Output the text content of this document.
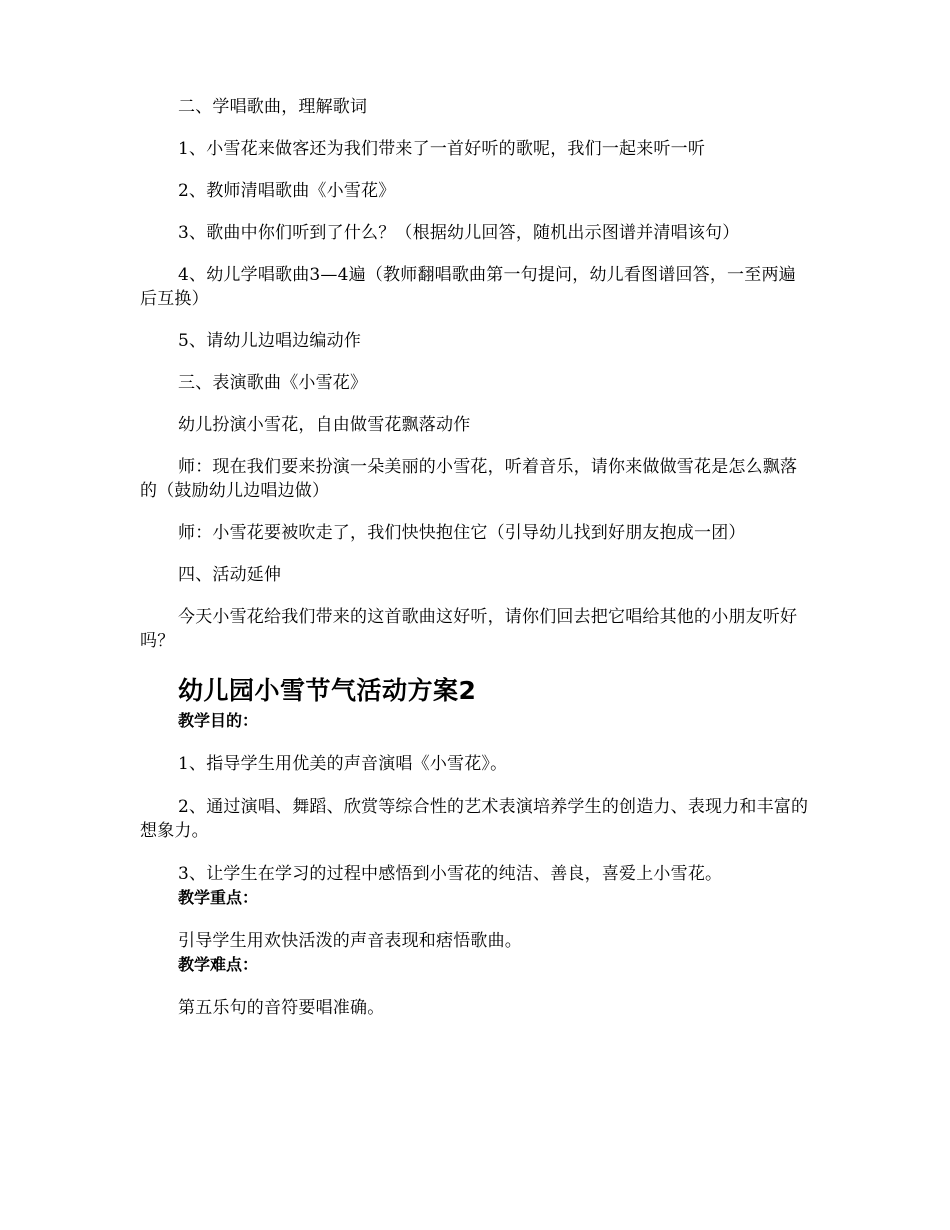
二、学唱歌曲，理解歌词

1、小雪花来做客还为我们带来了一首好听的歌呢，我们一起来听一听

2、教师清唱歌曲《小雪花》

3、歌曲中你们听到了什么？（根据幼儿回答，随机出示图谱并清唱该句）

4、幼儿学唱歌曲3—4遍（教师翻唱歌曲第一句提问，幼儿看图谱回答，一至两遍后互换）

5、请幼儿边唱边编动作

三、表演歌曲《小雪花》

幼儿扮演小雪花，自由做雪花飘落动作

师：现在我们要来扮演一朵美丽的小雪花，听着音乐，请你来做做雪花是怎么飘落的（鼓励幼儿边唱边做）

师：小雪花要被吹走了，我们快快抱住它（引导幼儿找到好朋友抱成一团）

四、活动延伸

今天小雪花给我们带来的这首歌曲这好听，请你们回去把它唱给其他的小朋友听好吗？

幼儿园小雪节气活动方案2

教学目的：

1、指导学生用优美的声音演唱《小雪花》。

2、通过演唱、舞蹈、欣赏等综合性的艺术表演培养学生的创造力、表现力和丰富的想象力。

3、让学生在学习的过程中感悟到小雪花的纯洁、善良，喜爱上小雪花。

教学重点：

引导学生用欢快活泼的声音表现和痞悟歌曲。

教学难点：

第五乐句的音符要唱准确。
